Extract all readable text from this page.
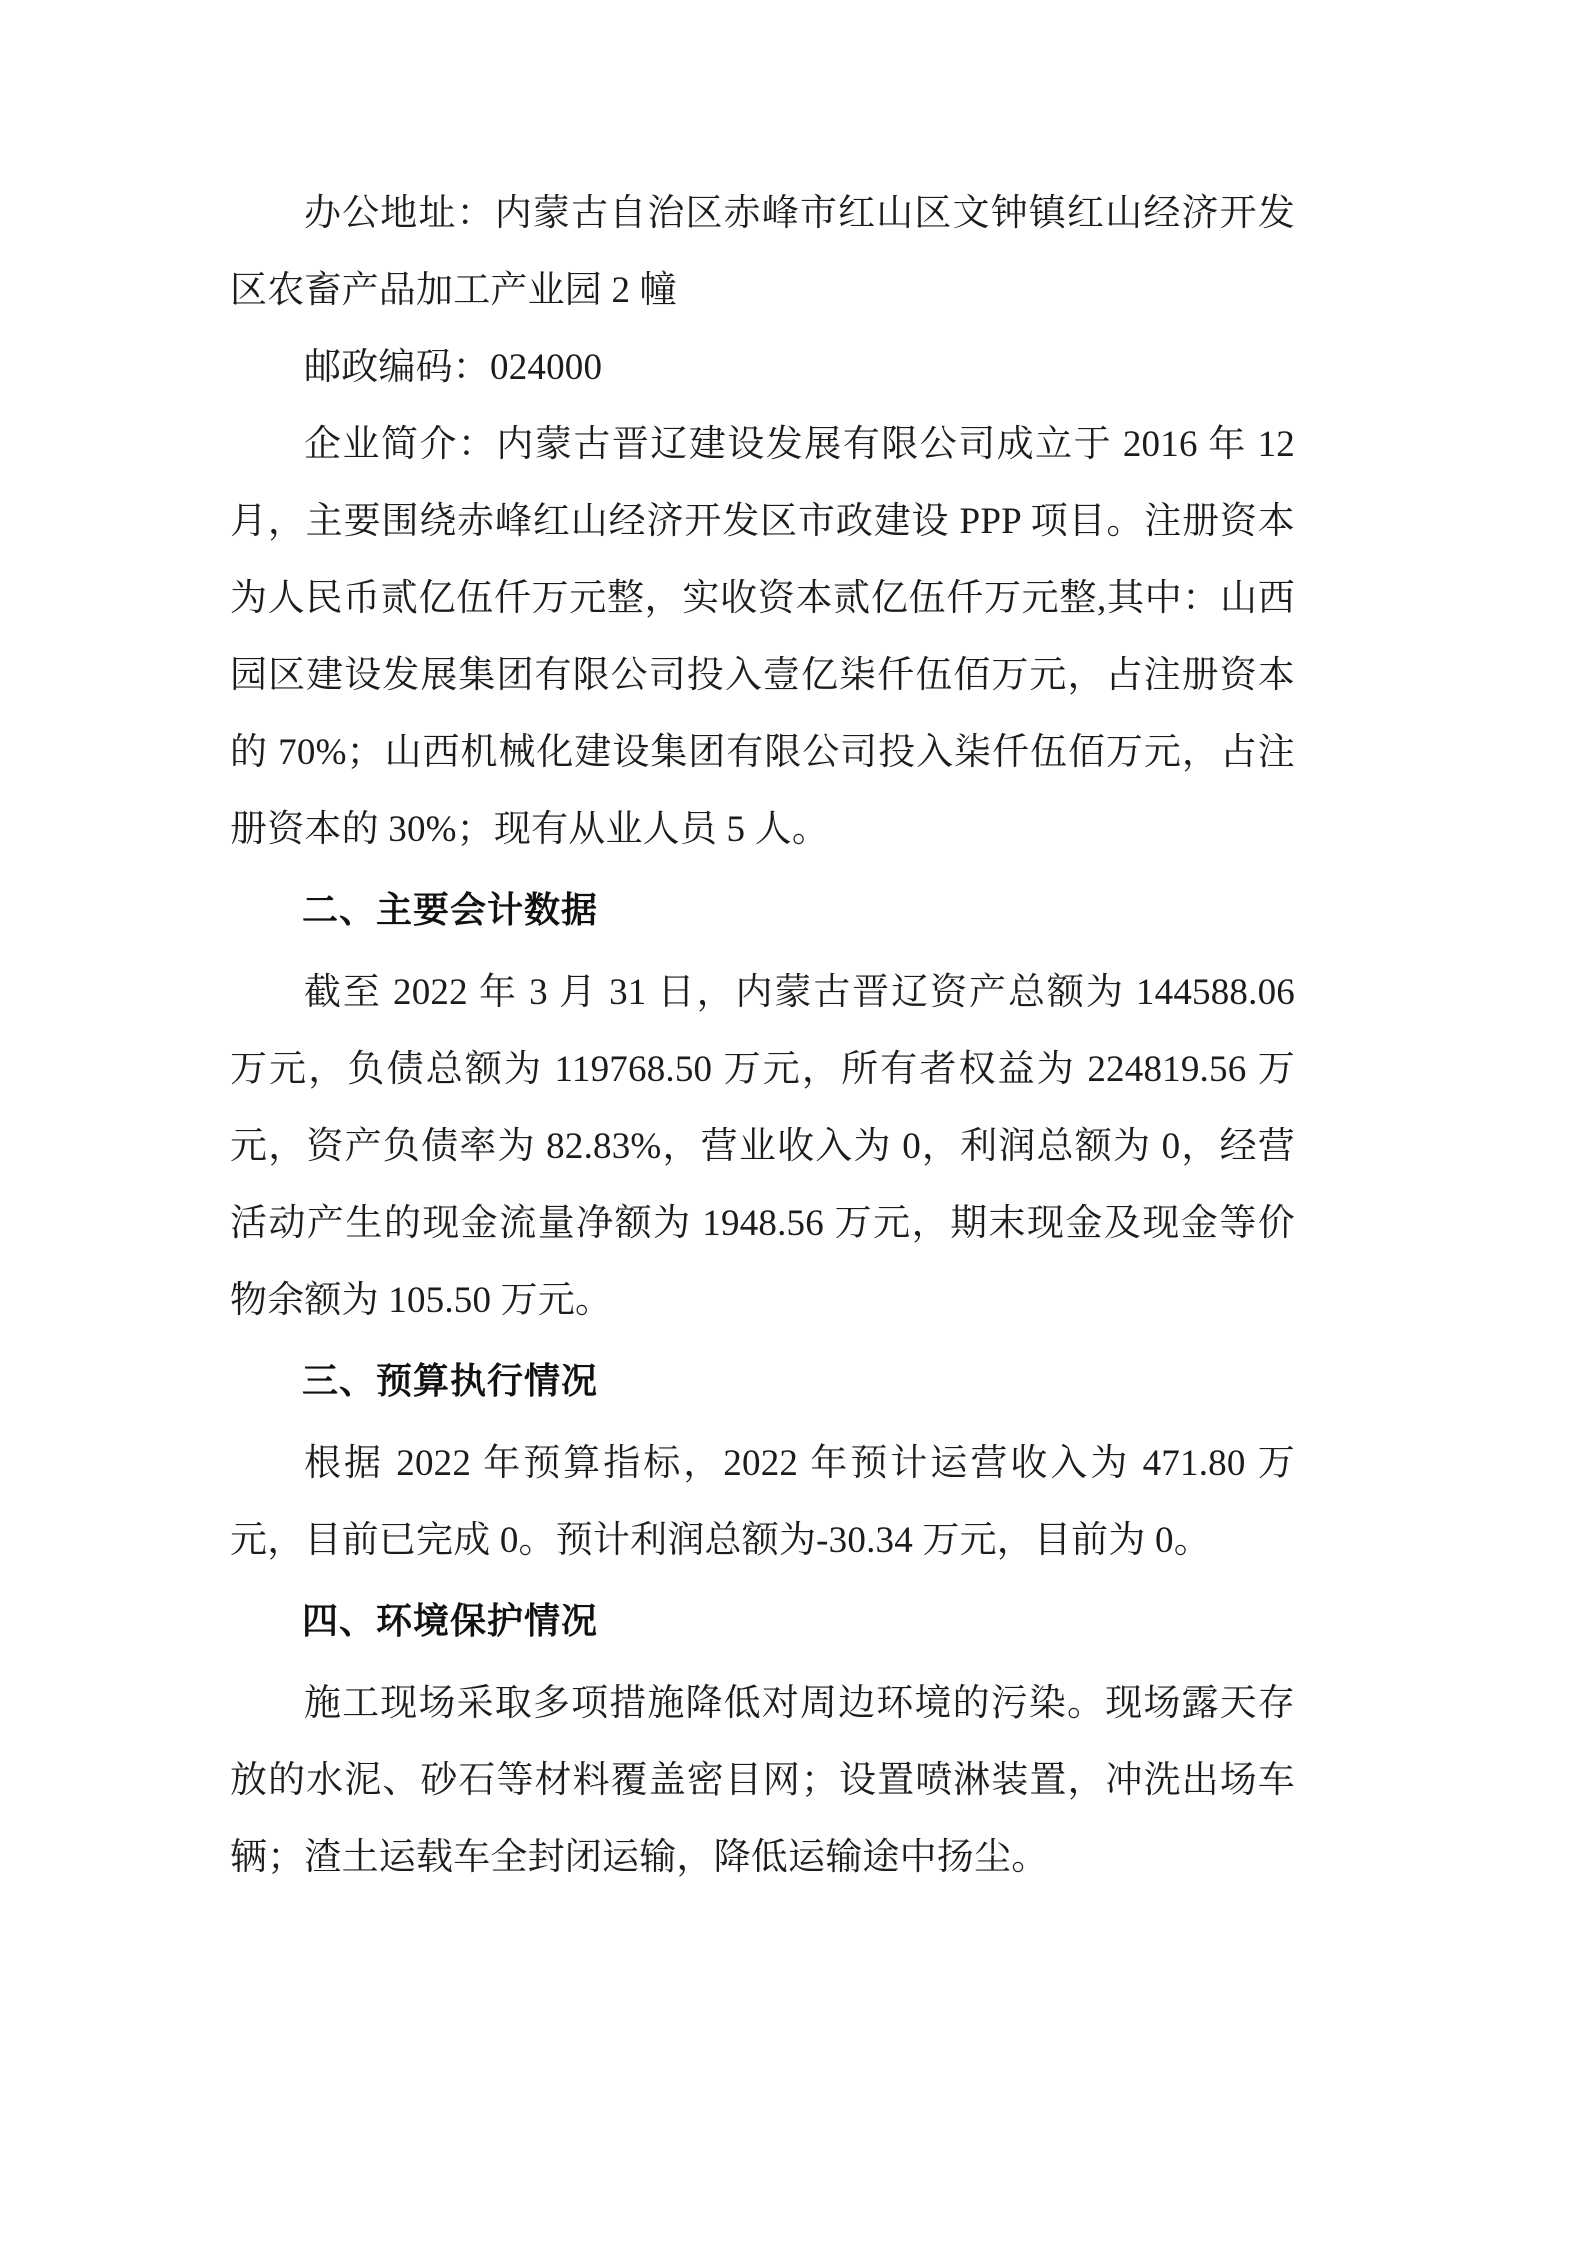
办公地址：内蒙古自治区赤峰市红山区文钟镇红山经济开发区农畜产品加工产业园 2 幢

邮政编码：024000

企业简介：内蒙古晋辽建设发展有限公司成立于 2016 年 12 月，主要围绕赤峰红山经济开发区市政建设 PPP 项目。注册资本为人民币贰亿伍仟万元整，实收资本贰亿伍仟万元整,其中：山西园区建设发展集团有限公司投入壹亿柒仟伍佰万元，占注册资本的 70%；山西机械化建设集团有限公司投入柒仟伍佰万元，占注册资本的 30%；现有从业人员 5 人。

二、主要会计数据

截至 2022 年 3 月 31 日，内蒙古晋辽资产总额为 144588.06 万元，负债总额为 119768.50 万元，所有者权益为 224819.56 万元，资产负债率为 82.83%，营业收入为 0，利润总额为 0，经营活动产生的现金流量净额为 1948.56 万元，期末现金及现金等价物余额为 105.50 万元。

三、预算执行情况

根据 2022 年预算指标，2022 年预计运营收入为 471.80 万元，目前已完成 0。预计利润总额为-30.34 万元，目前为 0。

四、环境保护情况

施工现场采取多项措施降低对周边环境的污染。现场露天存放的水泥、砂石等材料覆盖密目网；设置喷淋装置，冲洗出场车辆；渣土运载车全封闭运输，降低运输途中扬尘。
